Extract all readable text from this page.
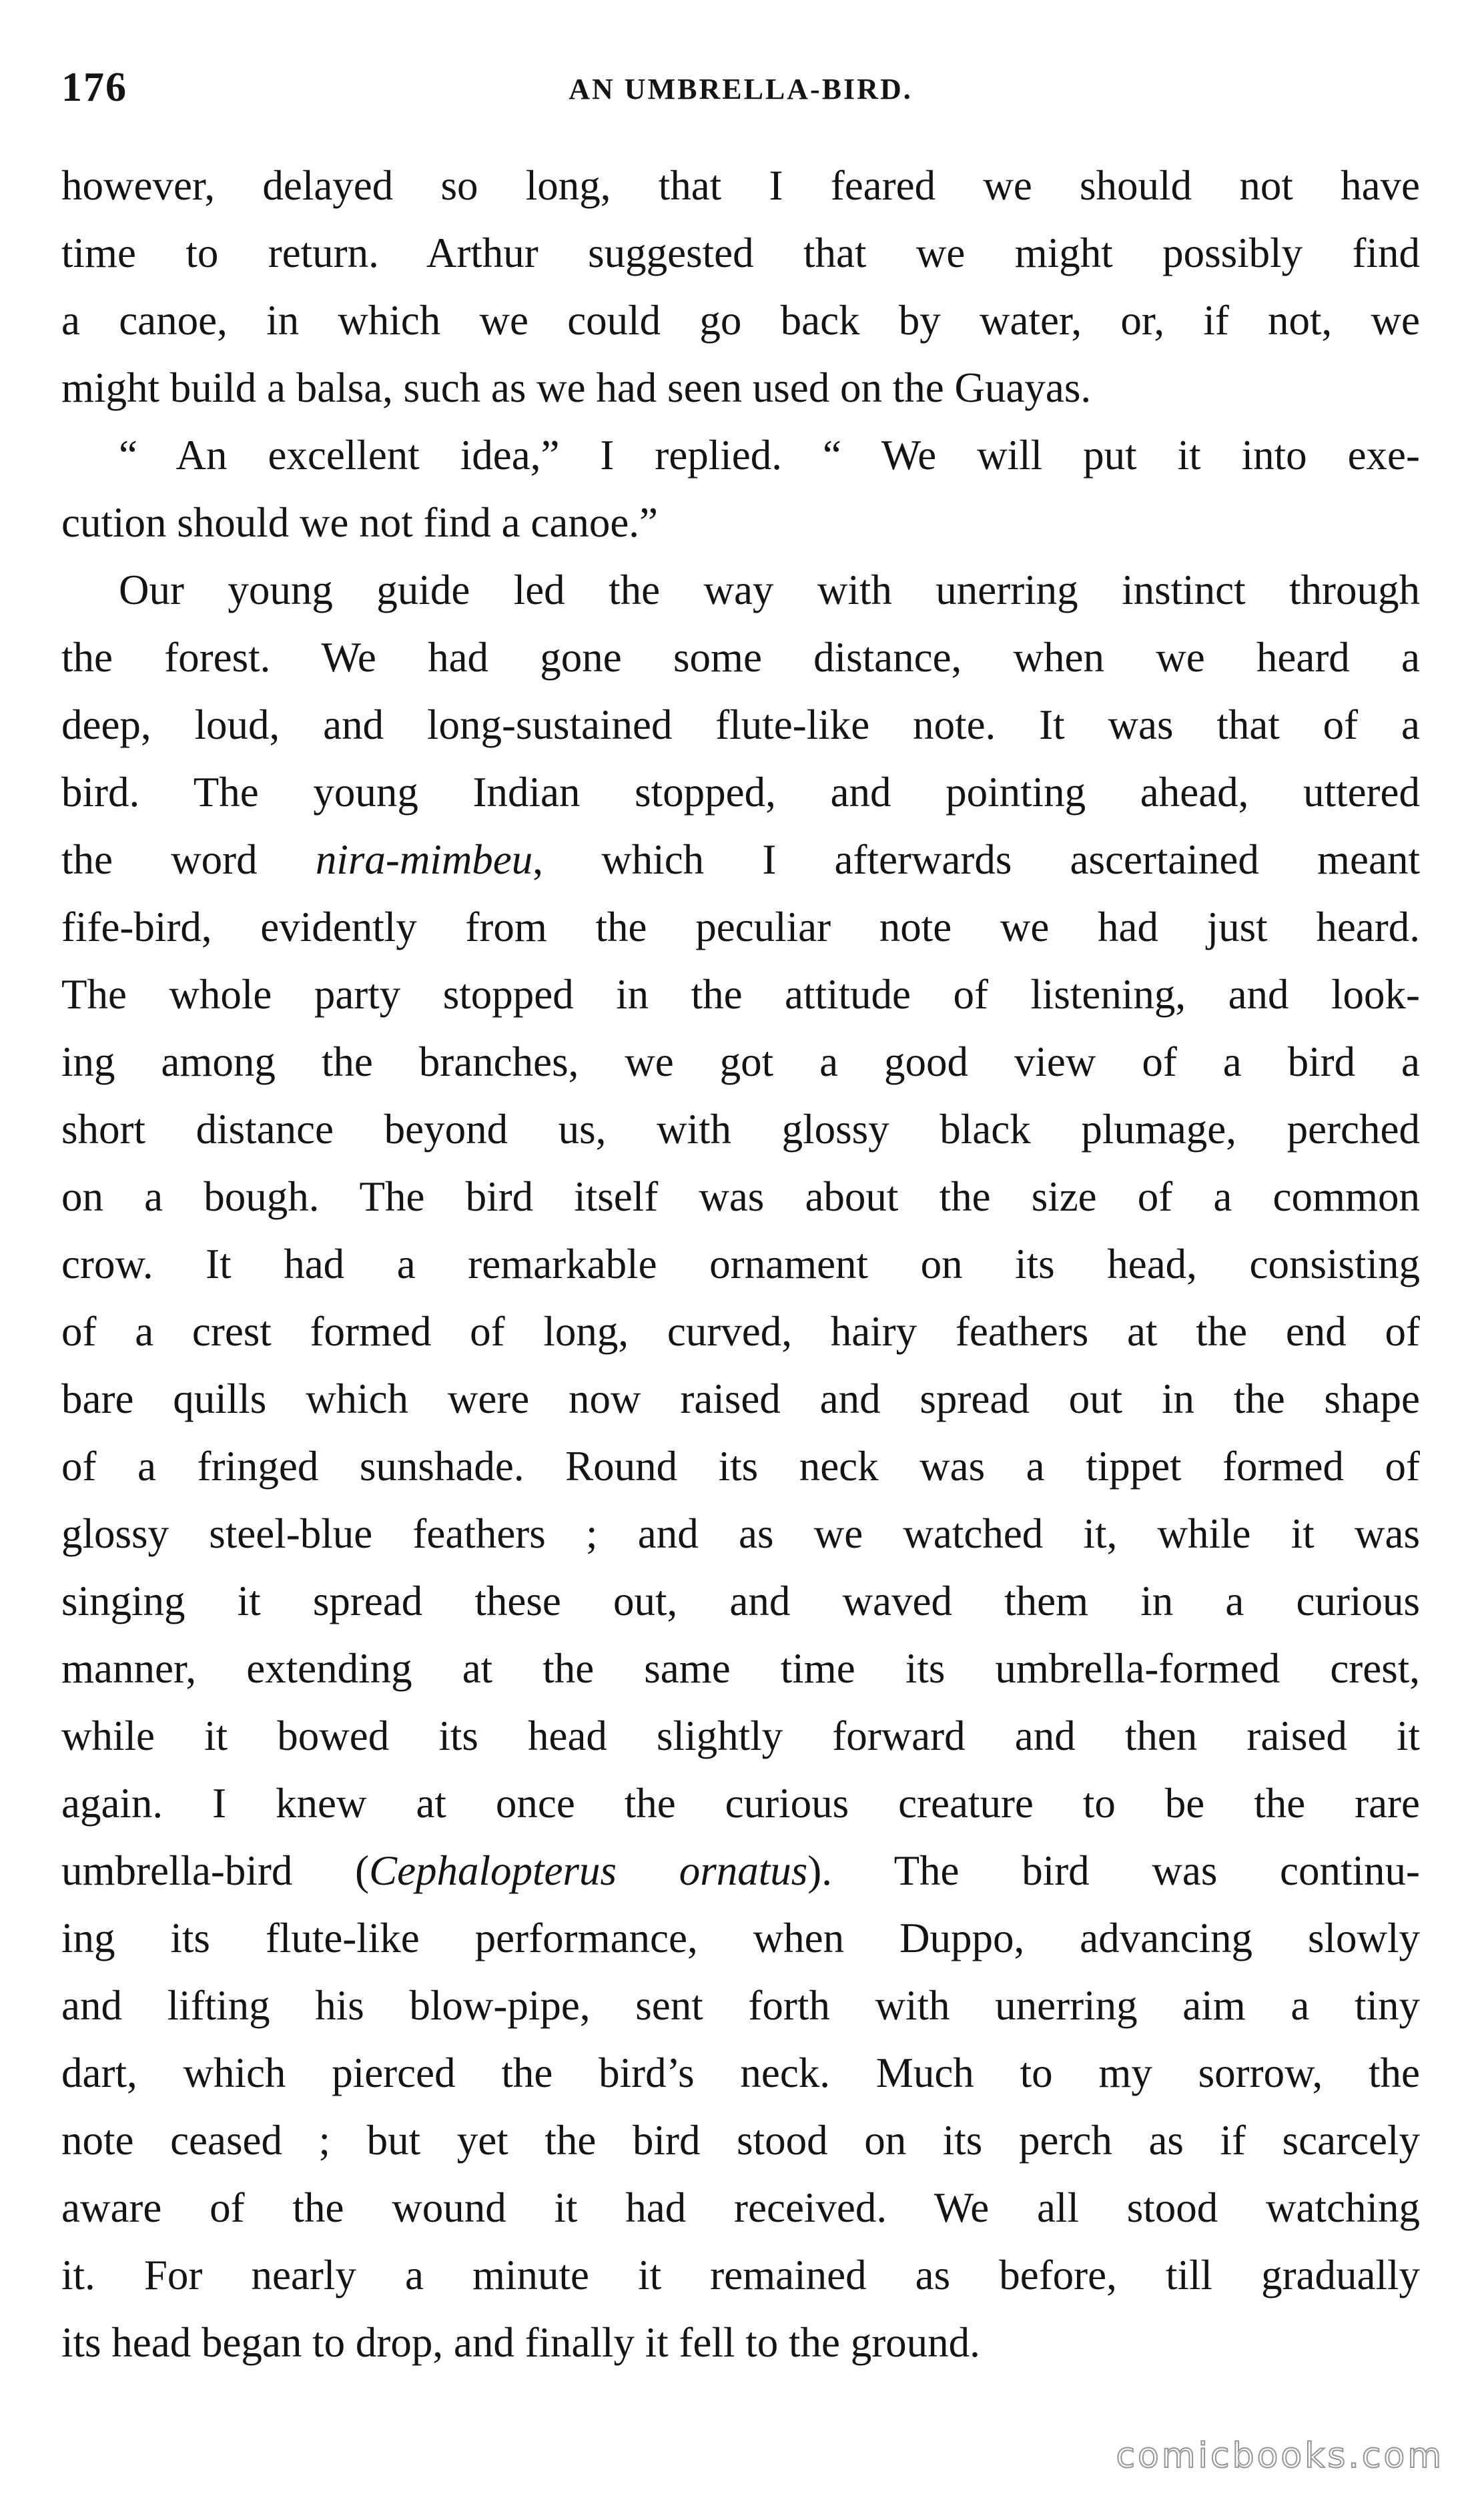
176	AN UMBRELLA-BIRD.
however, delayed so long, that I feared we should not have
time to return. Arthur suggested that we might possibly find
a canoe, in which we could go back by water, or, if not, we
might build a balsa, such as we had seen used on the Guayas.
“ An excellent idea,” I replied. “ We will put it into exe-
cution should we not find a canoe.”
Our young guide led the way with unerring instinct through
the forest. We had gone some distance, when we heard a
deep, loud, and long-sustained flute-like note. It was that of a
bird. The young Indian stopped, and pointing ahead, uttered
the word nira-mimbeu, which I afterwards ascertained meant
fife-bird, evidently from the peculiar note we had just heard.
The whole party stopped in the attitude of listening, and look-
ing among the branches, we got a good view of a bird a
short distance beyond us, with glossy black plumage, perched
on a bough. The bird itself was about the size of a common
crow. It had a remarkable ornament on its head, consisting
of a crest formed of long, curved, hairy feathers at the end of
bare quills which were now raised and spread out in the shape
of a fringed sunshade. Round its neck was a tippet formed of
glossy steel-blue feathers ; and as we watched it, while it was
singing it spread these out, and waved them in a curious
manner, extending at the same time its umbrella-formed crest,
while it bowed its head slightly forward and then raised it
again. I knew at once the curious creature to be the rare
umbrella-bird (Cephalopterus ornatus). The bird was continu-
ing its flute-like performance, when Duppo, advancing slowly
and lifting his blow-pipe, sent forth with unerring aim a tiny
dart, which pierced the bird’s neck. Much to my sorrow, the
note ceased ; but yet the bird stood on its perch as if scarcely
aware of the wound it had received. We all stood watching
it. For nearly a minute it remained as before, till gradually
its head began to drop, and finally it fell to the ground.
comicbooks.com
